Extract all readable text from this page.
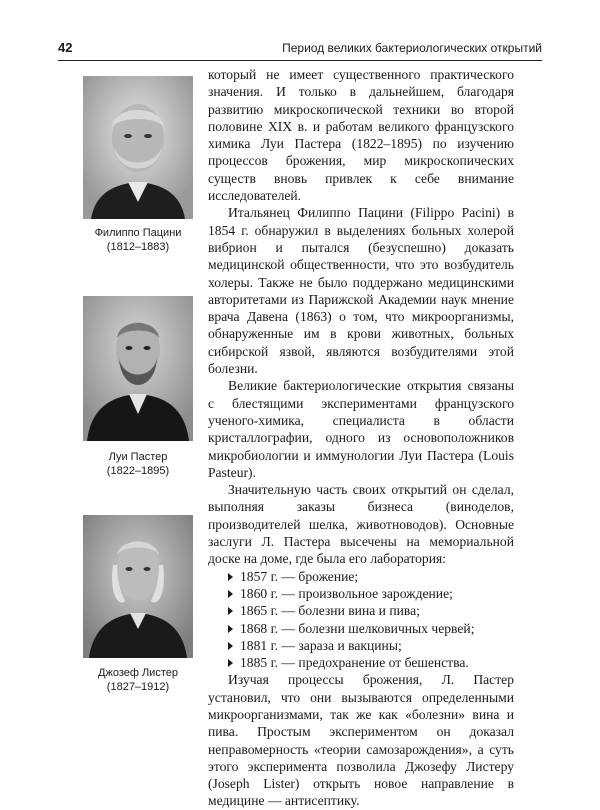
42	Период великих бактериологических открытий
Филиппо Пацини
(1812–1883)
Луи Пастер
(1822–1895)
Джозеф Листер
(1827–1912)

который не имеет существенного практического значения. И только в дальнейшем, благодаря развитию микроскопической техники во второй половине XIX в. и работам великого французского химика Луи Пастера (1822–1895) по изучению процессов брожения, мир микроскопических существ вновь привлек к себе внимание исследователей.

Итальянец Филиппо Пацини (Filippo Pacini) в 1854 г. обнаружил в выделениях больных холерой вибрион и пытался (безуспешно) доказать медицинской общественности, что это возбудитель холеры. Также не было поддержано медицинскими авторитетами из Парижской Академии наук мнение врача Давена (1863) о том, что микроорганизмы, обнаруженные им в крови животных, больных сибирской язвой, являются возбудителями этой болезни.

Великие бактериологические открытия связаны с блестящими экспериментами французского ученого-химика, специалиста в области кристаллографии, одного из основоположников микробиологии и иммунологии Луи Пастера (Louis Pasteur).

Значительную часть своих открытий он сделал, выполняя заказы бизнеса (виноделов, производителей шелка, животноводов). Основные заслуги Л. Пастера высечены на мемориальной доске на доме, где была его лаборатория:

1857 г. — брожение;
1860 г. — произвольное зарождение;
1865 г. — болезни вина и пива;
1868 г. — болезни шелковичных червей;
1881 г. — зараза и вакцины;
1885 г. — предохранение от бешенства.

Изучая процессы брожения, Л. Пастер установил, что они вызываются определенными микроорганизмами, так же как «болезни» вина и пива. Простым экспериментом он доказал неправомерность «теории самозарождения», а суть этого эксперимента позволила Джозефу Листеру (Joseph Lister) открыть новое направление в медицине — антисептику.
